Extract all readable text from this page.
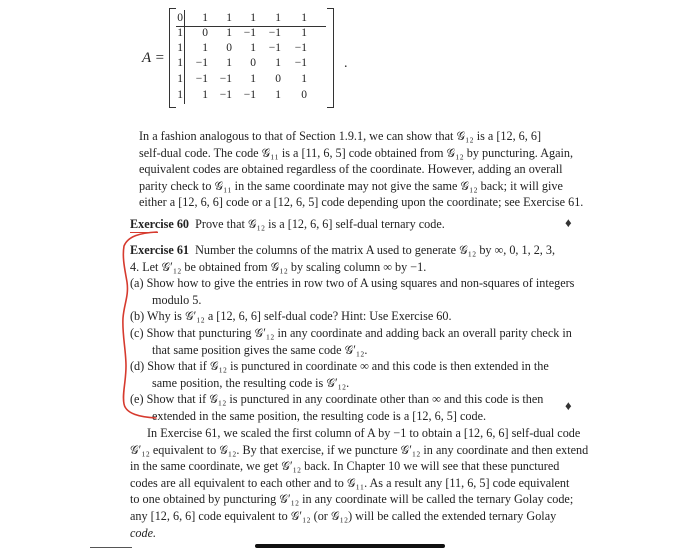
A =	.
0	1	1	1	1	1
1	0	1	−1	−1	1
1	1	0	1	−1	−1
1	−1	1	0	1	−1
1	−1	−1	1	0	1
1	1	−1	−1	1	0
In a fashion analogous to that of Section 1.9.1, we can show that 𝒢₁₂ is a [12, 6, 6]
self-dual code. The code 𝒢₁₁ is a [11, 6, 5] code obtained from 𝒢₁₂ by puncturing. Again,
equivalent codes are obtained regardless of the coordinate. However, adding an overall
parity check to 𝒢₁₁ in the same coordinate may not give the same 𝒢₁₂ back; it will give
either a [12, 6, 6] code or a [12, 6, 5] code depending upon the coordinate; see Exercise 61.
Exercise 60 Prove that 𝒢₁₂ is a [12, 6, 6] self-dual ternary code.	♦
Exercise 61 Number the columns of the matrix A used to generate 𝒢₁₂ by ∞, 0, 1, 2, 3,
4. Let 𝒢′₁₂ be obtained from 𝒢₁₂ by scaling column ∞ by −1.
(a) Show how to give the entries in row two of A using squares and non-squares of integers
modulo 5.
(b) Why is 𝒢′₁₂ a [12, 6, 6] self-dual code? Hint: Use Exercise 60.
(c) Show that puncturing 𝒢′₁₂ in any coordinate and adding back an overall parity check in
that same position gives the same code 𝒢′₁₂.
(d) Show that if 𝒢₁₂ is punctured in coordinate ∞ and this code is then extended in the
same position, the resulting code is 𝒢′₁₂.
(e) Show that if 𝒢₁₂ is punctured in any coordinate other than ∞ and this code is then
extended in the same position, the resulting code is a [12, 6, 5] code.
♦
In Exercise 61, we scaled the first column of A by −1 to obtain a [12, 6, 6] self-dual code
𝒢′₁₂ equivalent to 𝒢₁₂. By that exercise, if we puncture 𝒢′₁₂ in any coordinate and then extend
in the same coordinate, we get 𝒢′₁₂ back. In Chapter 10 we will see that these punctured
codes are all equivalent to each other and to 𝒢₁₁. As a result any [11, 6, 5] code equivalent
to one obtained by puncturing 𝒢′₁₂ in any coordinate will be called the ternary Golay code;
any [12, 6, 6] code equivalent to 𝒢′₁₂ (or 𝒢₁₂) will be called the extended ternary Golay
code.
